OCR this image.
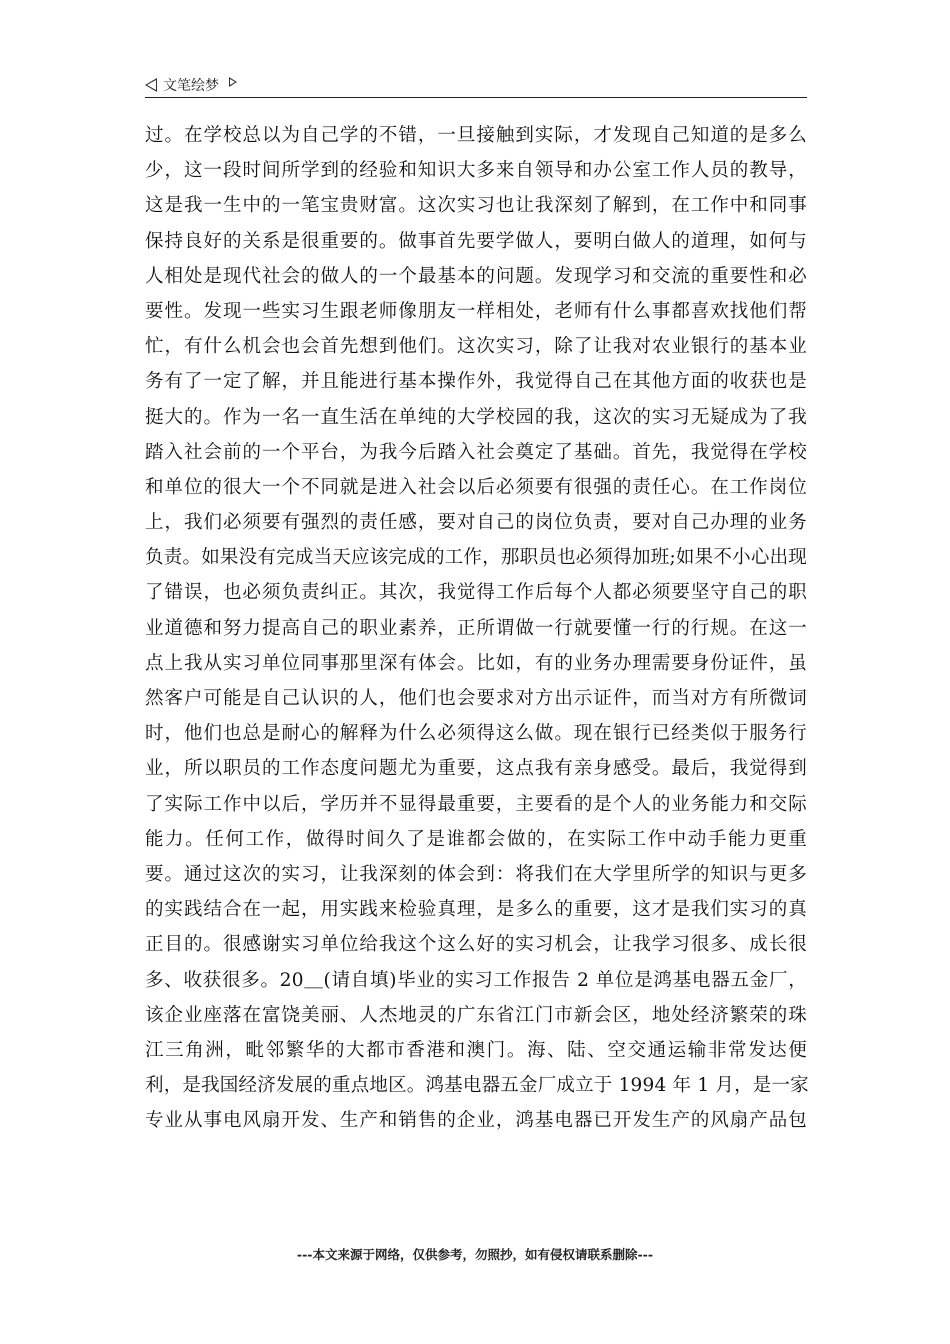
文笔绘梦
过。在学校总以为自己学的不错，一旦接触到实际，才发现自己知道的是多么
少，这一段时间所学到的经验和知识大多来自领导和办公室工作人员的教导，
这是我一生中的一笔宝贵财富。这次实习也让我深刻了解到，在工作中和同事
保持良好的关系是很重要的。做事首先要学做人，要明白做人的道理，如何与
人相处是现代社会的做人的一个最基本的问题。发现学习和交流的重要性和必
要性。发现一些实习生跟老师像朋友一样相处，老师有什么事都喜欢找他们帮
忙，有什么机会也会首先想到他们。这次实习，除了让我对农业银行的基本业
务有了一定了解，并且能进行基本操作外，我觉得自己在其他方面的收获也是
挺大的。作为一名一直生活在单纯的大学校园的我，这次的实习无疑成为了我
踏入社会前的一个平台，为我今后踏入社会奠定了基础。首先，我觉得在学校
和单位的很大一个不同就是进入社会以后必须要有很强的责任心。在工作岗位
上，我们必须要有强烈的责任感，要对自己的岗位负责，要对自己办理的业务
负责。如果没有完成当天应该完成的工作，那职员也必须得加班;如果不小心出现
了错误，也必须负责纠正。其次，我觉得工作后每个人都必须要坚守自己的职
业道德和努力提高自己的职业素养，正所谓做一行就要懂一行的行规。在这一
点上我从实习单位同事那里深有体会。比如，有的业务办理需要身份证件，虽
然客户可能是自己认识的人，他们也会要求对方出示证件，而当对方有所微词
时，他们也总是耐心的解释为什么必须得这么做。现在银行已经类似于服务行
业，所以职员的工作态度问题尤为重要，这点我有亲身感受。最后，我觉得到
了实际工作中以后，学历并不显得最重要，主要看的是个人的业务能力和交际
能力。任何工作，做得时间久了是谁都会做的，在实际工作中动手能力更重
要。通过这次的实习，让我深刻的体会到：将我们在大学里所学的知识与更多
的实践结合在一起，用实践来检验真理，是多么的重要，这才是我们实习的真
正目的。很感谢实习单位给我这个这么好的实习机会，让我学习很多、成长很
多、收获很多。20＿(请自填)毕业的实习工作报告 2 单位是鸿基电器五金厂，
该企业座落在富饶美丽、人杰地灵的广东省江门市新会区，地处经济繁荣的珠
江三角洲，毗邻繁华的大都市香港和澳门。海、陆、空交通运输非常发达便
利，是我国经济发展的重点地区。鸿基电器五金厂成立于 1994 年 1 月，是一家
专业从事电风扇开发、生产和销售的企业，鸿基电器已开发生产的风扇产品包
---本文来源于网络，仅供参考，勿照抄，如有侵权请联系删除---
